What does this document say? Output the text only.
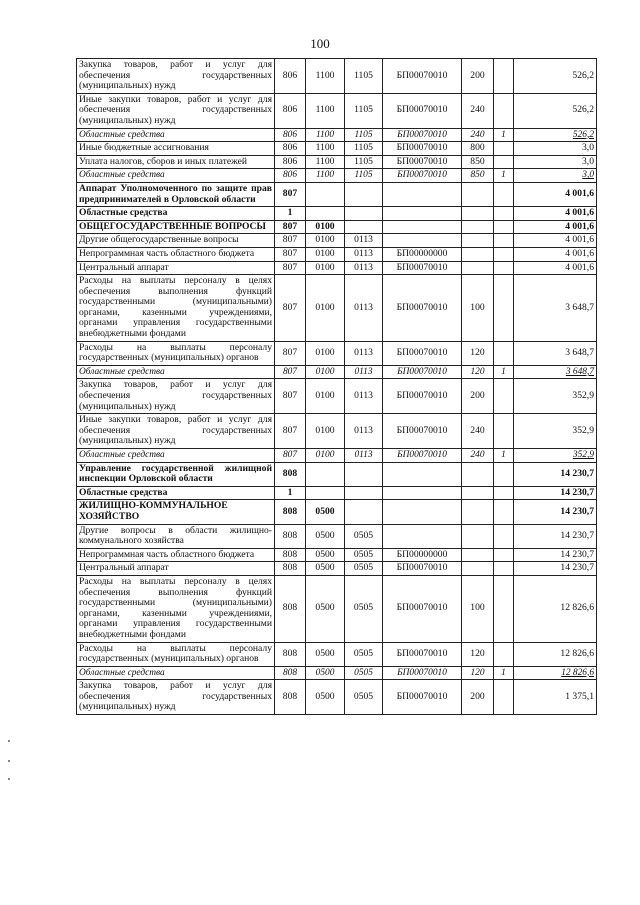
100
Закупка товаров, работ и услуг для обеспечения государственных (муниципальных) нужд	806	1100	1105	БП00070010	200		526,2
Иные закупки товаров, работ и услуг для обеспечения государственных (муниципальных) нужд	806	1100	1105	БП00070010	240		526,2
Областные средства	806	1100	1105	БП00070010	240	1	526,2
Иные бюджетные ассигнования	806	1100	1105	БП00070010	800		3,0
Уплата налогов, сборов и иных платежей	806	1100	1105	БП00070010	850		3,0
Областные средства	806	1100	1105	БП00070010	850	1	3,0
Аппарат Уполномоченного по защите прав предпринимателей в Орловской области	807						4 001,6
Областные средства	1						4 001,6
ОБЩЕГОСУДАРСТВЕННЫЕ ВОПРОСЫ	807	0100					4 001,6
Другие общегосударственные вопросы	807	0100	0113				4 001,6
Непрограммная часть областного бюджета	807	0100	0113	БП00000000			4 001,6
Центральный аппарат	807	0100	0113	БП00070010			4 001,6
Расходы на выплаты персоналу в целях обеспечения выполнения функций государственными (муниципальными) органами, казенными учреждениями, органами управления государственными внебюджетными фондами	807	0100	0113	БП00070010	100		3 648,7
Расходы на выплаты персоналу государственных (муниципальных) органов	807	0100	0113	БП00070010	120		3 648,7
Областные средства	807	0100	0113	БП00070010	120	1	3 648,7
Закупка товаров, работ и услуг для обеспечения государственных (муниципальных) нужд	807	0100	0113	БП00070010	200		352,9
Иные закупки товаров, работ и услуг для обеспечения государственных (муниципальных) нужд	807	0100	0113	БП00070010	240		352,9
Областные средства	807	0100	0113	БП00070010	240	1	352,9
Управление государственной жилищной инспекции Орловской области	808						14 230,7
Областные средства	1						14 230,7
ЖИЛИЩНО-КОММУНАЛЬНОЕ ХОЗЯЙСТВО	808	0500					14 230,7
Другие вопросы в области жилищно-коммунального хозяйства	808	0500	0505				14 230,7
Непрограммная часть областного бюджета	808	0500	0505	БП00000000			14 230,7
Центральный аппарат	808	0500	0505	БП00070010			14 230,7
Расходы на выплаты персоналу в целях обеспечения выполнения функций государственными (муниципальными) органами, казенными учреждениями, органами управления государственными внебюджетными фондами	808	0500	0505	БП00070010	100		12 826,6
Расходы на выплаты персоналу государственных (муниципальных) органов	808	0500	0505	БП00070010	120		12 826,6
Областные средства	808	0500	0505	БП00070010	120	1	12 826,6
Закупка товаров, работ и услуг для обеспечения государственных (муниципальных) нужд	808	0500	0505	БП00070010	200		1 375,1
